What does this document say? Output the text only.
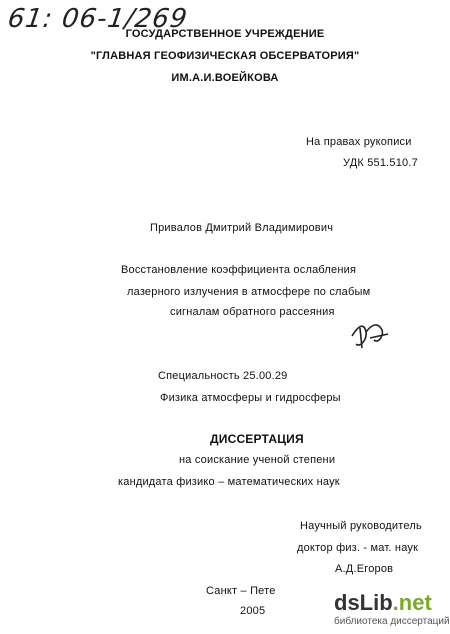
61: 06-1/269
ГОСУДАРСТВЕННОЕ УЧРЕЖДЕНИЕ
"ГЛАВНАЯ ГЕОФИЗИЧЕСКАЯ ОБСЕРВАТОРИЯ"
ИМ.А.И.ВОЕЙКОВА
На правах рукописи
УДК 551.510.7
Привалов Дмитрий Владимирович
Восстановление коэффициента ослабления
лазерного излучения в атмосфере по слабым
сигналам обратного рассеяния
Специальность 25.00.29
Физика атмосферы и гидросферы
ДИССЕРТАЦИЯ
на соискание ученой степени
кандидата физико – математических наук
Научный руководитель
доктор физ. - мат. наук
А.Д.Егоров
Санкт – Пете
2005	dsLib.net
библиотека диссертаций
